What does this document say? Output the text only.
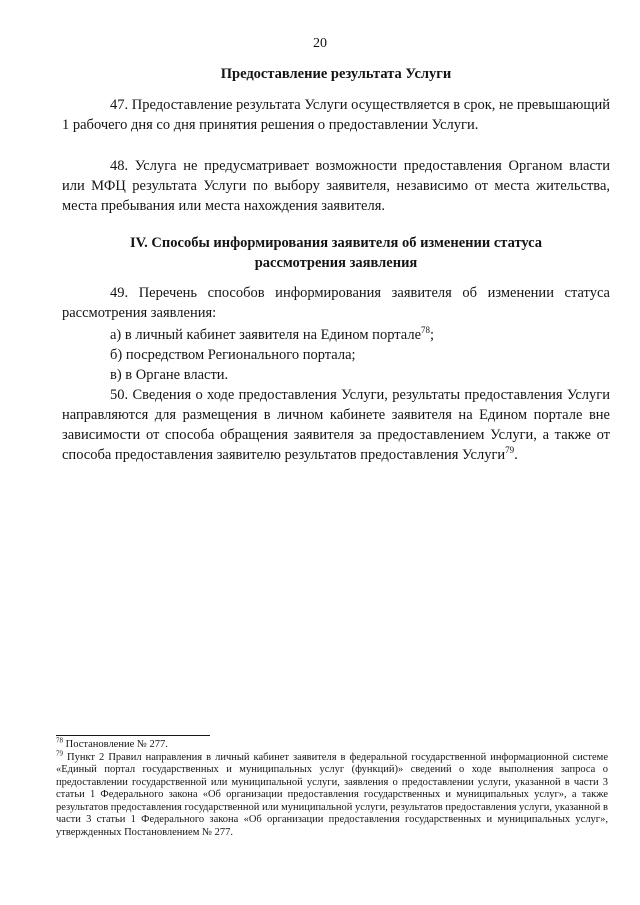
20
Предоставление результата Услуги
47. Предоставление результата Услуги осуществляется в срок, не превышающий 1 рабочего дня со дня принятия решения о предоставлении Услуги.
48. Услуга не предусматривает возможности предоставления Органом власти или МФЦ результата Услуги по выбору заявителя, независимо от места жительства, места пребывания или места нахождения заявителя.
IV. Способы информирования заявителя об изменении статуса
рассмотрения заявления
49. Перечень способов информирования заявителя об изменении статуса рассмотрения заявления:
а) в личный кабинет заявителя на Едином портале$^{78}$;
б) посредством Регионального портала;
в) в Органе власти.
50. Сведения о ходе предоставления Услуги, результаты предоставления Услуги направляются для размещения в личном кабинете заявителя на Едином портале вне зависимости от способа обращения заявителя за предоставлением Услуги, а также от способа предоставления заявителю результатов предоставления Услуги$^{79}$.

$^{78}$ Постановление № 277.

$^{79}$ Пункт 2 Правил направления в личный кабинет заявителя в федеральной государственной информационной системе «Единый портал государственных и муниципальных услуг (функций)» сведений о ходе выполнения запроса о предоставлении государственной или муниципальной услуги, заявления о предоставлении услуги, указанной в части 3 статьи 1 Федерального закона «Об организации предоставления государственных и муниципальных услуг», а также результатов предоставления государственной или муниципальной услуги, результатов предоставления услуги, указанной в части 3 статьи 1 Федерального закона «Об организации предоставления государственных и муниципальных услуг», утвержденных Постановлением № 277.
